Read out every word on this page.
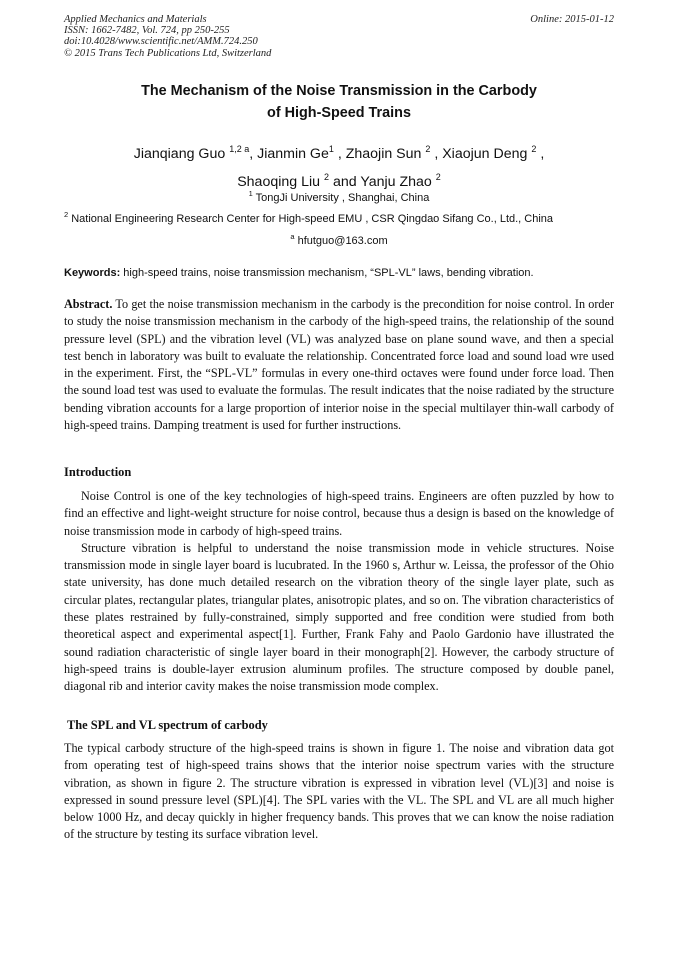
Applied Mechanics and Materials
ISSN: 1662-7482, Vol. 724, pp 250-255
doi:10.4028/www.scientific.net/AMM.724.250
© 2015 Trans Tech Publications Ltd, Switzerland
Online: 2015-01-12
The Mechanism of the Noise Transmission in the Carbody
of High-Speed Trains
Jianqiang Guo $^{1,2 a}$, Jianmin Ge$^1$ , Zhaojin Sun $^2$ , Xiaojun Deng $^2$ ,
Shaoqing Liu $^2$ and Yanju Zhao $^2$
$^1$ TongJi University , Shanghai, China
$^2$ National Engineering Research Center for High-speed EMU , CSR Qingdao Sifang Co., Ltd., China
$^a$ hfutguo@163.com
Keywords: high-speed trains, noise transmission mechanism, “SPL-VL” laws, bending vibration.
Abstract. To get the noise transmission mechanism in the carbody is the precondition for noise control. In order to study the noise transmission mechanism in the carbody of the high-speed trains, the relationship of the sound pressure level (SPL) and the vibration level (VL) was analyzed base on plane sound wave, and then a special test bench in laboratory was built to evaluate the relationship. Concentrated force load and sound load wre used in the experiment. First, the “SPL-VL” formulas in every one-third octaves were found under force load. Then the sound load test was used to evaluate the formulas. The result indicates that the noise radiated by the structure bending vibration accounts for a large proportion of interior noise in the special multilayer thin-wall carbody of high-speed trains. Damping treatment is used for further instructions.
Introduction

Noise Control is one of the key technologies of high-speed trains. Engineers are often puzzled by how to find an effective and light-weight structure for noise control, because thus a design is based on the knowledge of noise transmission mode in carbody of high-speed trains.

Structure vibration is helpful to understand the noise transmission mode in vehicle structures. Noise transmission mode in single layer board is lucubrated. In the 1960 s, Arthur w. Leissa, the professor of the Ohio state university, has done much detailed research on the vibration theory of the single layer plate, such as circular plates, rectangular plates, triangular plates, anisotropic plates, and so on. The vibration characteristics of these plates restrained by fully-constrained, simply supported and free condition were studied from both theoretical aspect and experimental aspect[1]. Further, Frank Fahy and Paolo Gardonio have illustrated the sound radiation characteristic of single layer board in their monograph[2]. However, the carbody structure of high-speed trains is double-layer extrusion aluminum profiles. The structure composed by double panel, diagonal rib and interior cavity makes the noise transmission mode complex.

The SPL and VL spectrum of carbody

The typical carbody structure of the high-speed trains is shown in figure 1. The noise and vibration data got from operating test of high-speed trains shows that the interior noise spectrum varies with the structure vibration, as shown in figure 2. The structure vibration is expressed in vibration level (VL)[3] and noise is expressed in sound pressure level (SPL)[4]. The SPL varies with the VL. The SPL and VL are all much higher below 1000 Hz, and decay quickly in higher frequency bands. This proves that we can know the noise radiation of the structure by testing its surface vibration level.
